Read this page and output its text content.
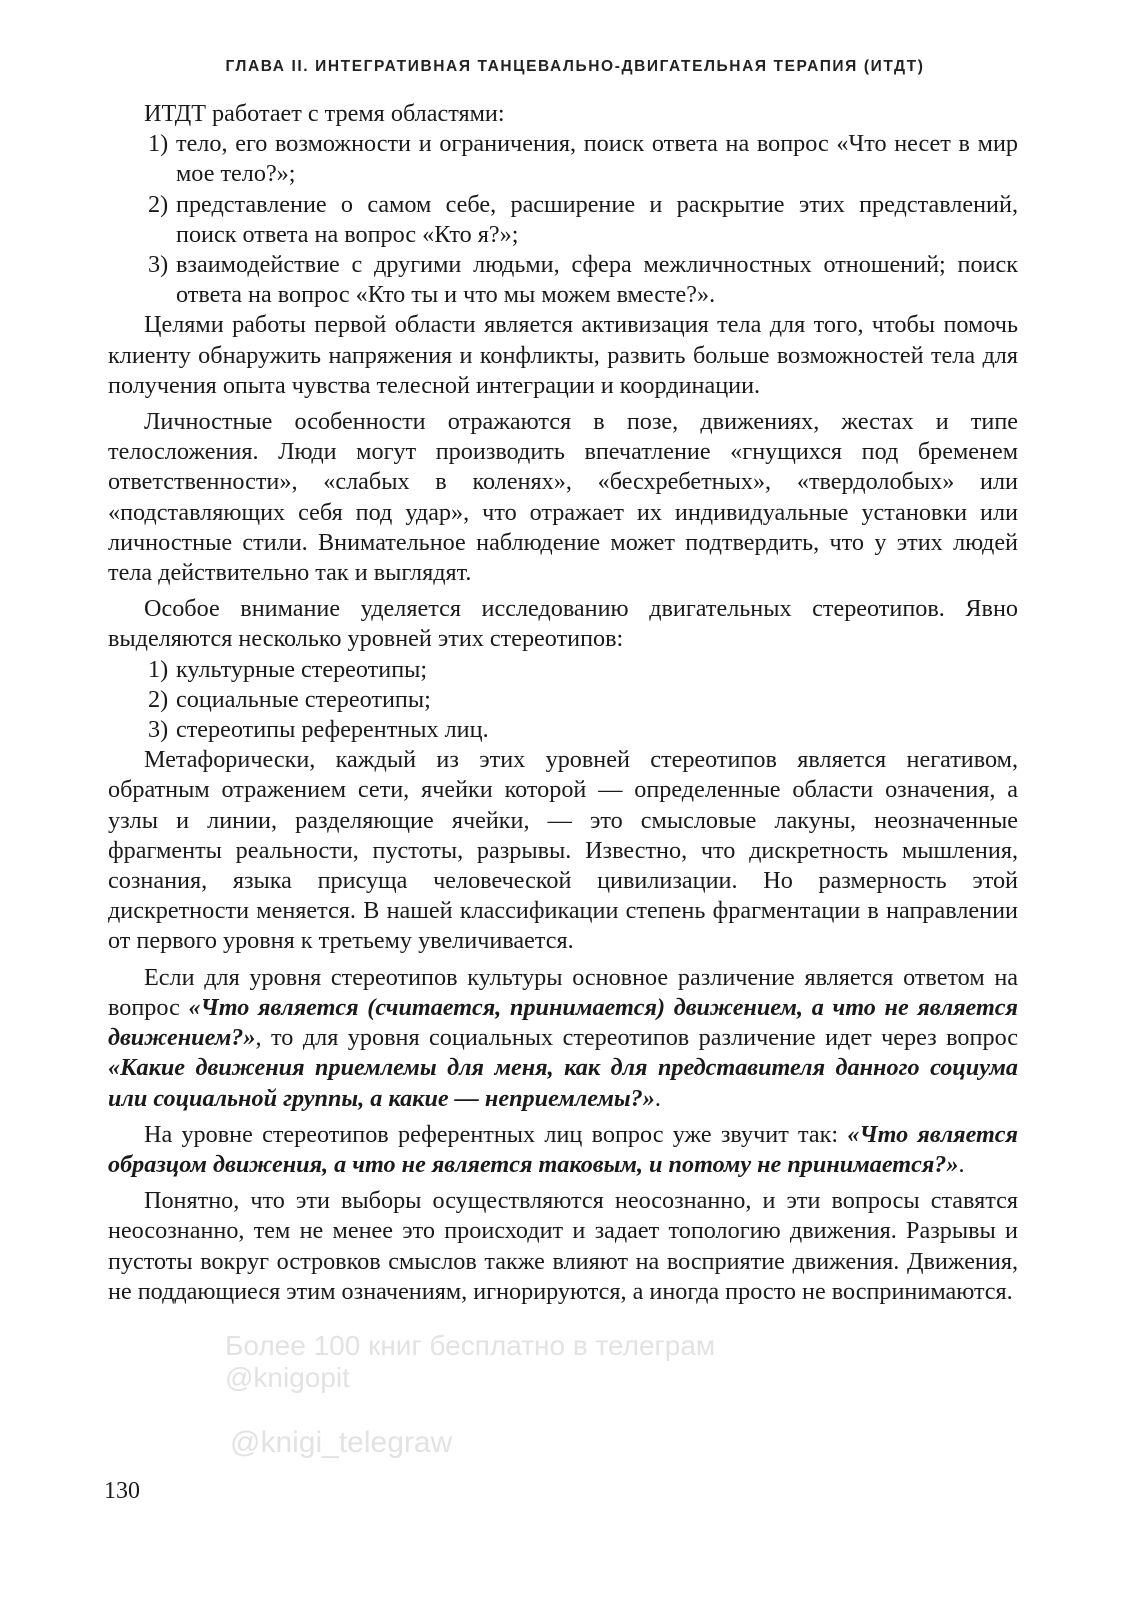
ГЛАВА II. ИНТЕГРАТИВНАЯ ТАНЦЕВАЛЬНО-ДВИГАТЕЛЬНАЯ ТЕРАПИЯ (ИТДТ)

ИТДТ работает с тремя областями:

1) тело, его возможности и ограничения, поиск ответа на вопрос «Что несет в мир мое тело?»;
2) представление о самом себе, расширение и раскрытие этих представлений, поиск ответа на вопрос «Кто я?»;
3) взаимодействие с другими людьми, сфера межличностных отношений; поиск ответа на вопрос «Кто ты и что мы можем вместе?».

Целями работы первой области является активизация тела для того, чтобы помочь клиенту обнаружить напряжения и конфликты, развить больше возможностей тела для получения опыта чувства телесной интеграции и координации.

Личностные особенности отражаются в позе, движениях, жестах и типе телосложения. Люди могут производить впечатление «гнущихся под бременем ответственности», «слабых в коленях», «бесхребетных», «твердолобых» или «подставляющих себя под удар», что отражает их индивидуальные установки или личностные стили. Внимательное наблюдение может подтвердить, что у этих людей тела действительно так и выглядят.

Особое внимание уделяется исследованию двигательных стереотипов. Явно выделяются несколько уровней этих стереотипов:

1) культурные стереотипы;
2) социальные стереотипы;
3) стереотипы референтных лиц.

Метафорически, каждый из этих уровней стереотипов является негативом, обратным отражением сети, ячейки которой — определенные области означения, а узлы и линии, разделяющие ячейки, — это смысловые лакуны, неозначенные фрагменты реальности, пустоты, разрывы. Известно, что дискретность мышления, сознания, языка присуща человеческой цивилизации. Но размерность этой дискретности меняется. В нашей классификации степень фрагментации в направлении от первого уровня к третьему увеличивается.

Если для уровня стереотипов культуры основное различение является ответом на вопрос «Что является (считается, принимается) движением, а что не является движением?», то для уровня социальных стереотипов различение идет через вопрос «Какие движения приемлемы для меня, как для представителя данного социума или социальной группы, а какие — неприемлемы?».

На уровне стереотипов референтных лиц вопрос уже звучит так: «Что является образцом движения, а что не является таковым, и потому не принимается?».

Понятно, что эти выборы осуществляются неосознанно, и эти вопросы ставятся неосознанно, тем не менее это происходит и задает топологию движения. Разрывы и пустоты вокруг островков смыслов также влияют на восприятие движения. Движения, не поддающиеся этим означениям, игнорируются, а иногда просто не воспринимаются.

Более 100 книг бесплатно в телеграм
@knigopit
@knigi_telegraw
130
